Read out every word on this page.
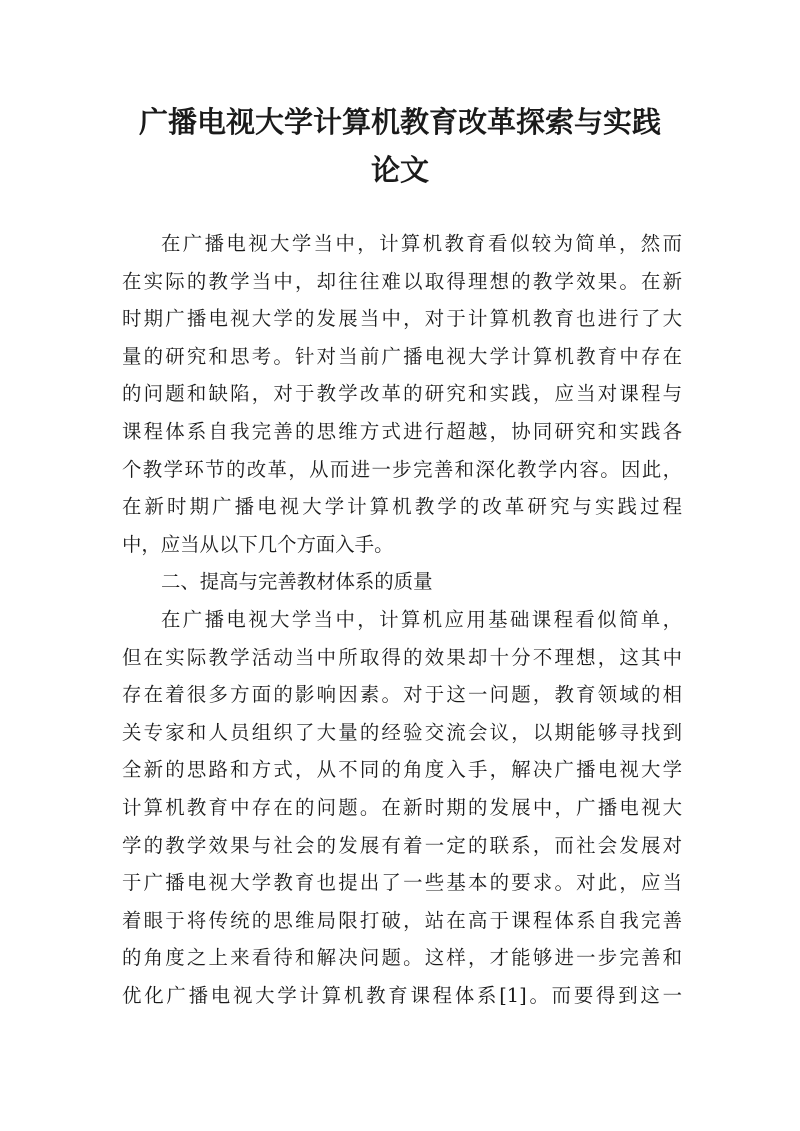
广播电视大学计算机教育改革探索与实践
论文
在广播电视大学当中，计算机教育看似较为简单，然而
在实际的教学当中，却往往难以取得理想的教学效果。在新
时期广播电视大学的发展当中，对于计算机教育也进行了大
量的研究和思考。针对当前广播电视大学计算机教育中存在
的问题和缺陷，对于教学改革的研究和实践，应当对课程与
课程体系自我完善的思维方式进行超越，协同研究和实践各
个教学环节的改革，从而进一步完善和深化教学内容。因此，
在新时期广播电视大学计算机教学的改革研究与实践过程
中，应当从以下几个方面入手。
二、提高与完善教材体系的质量
在广播电视大学当中，计算机应用基础课程看似简单，
但在实际教学活动当中所取得的效果却十分不理想，这其中
存在着很多方面的影响因素。对于这一问题，教育领域的相
关专家和人员组织了大量的经验交流会议，以期能够寻找到
全新的思路和方式，从不同的角度入手，解决广播电视大学
计算机教育中存在的问题。在新时期的发展中，广播电视大
学的教学效果与社会的发展有着一定的联系，而社会发展对
于广播电视大学教育也提出了一些基本的要求。对此，应当
着眼于将传统的思维局限打破，站在高于课程体系自我完善
的角度之上来看待和解决问题。这样，才能够进一步完善和
优化广播电视大学计算机教育课程体系[1]。而要得到这一
